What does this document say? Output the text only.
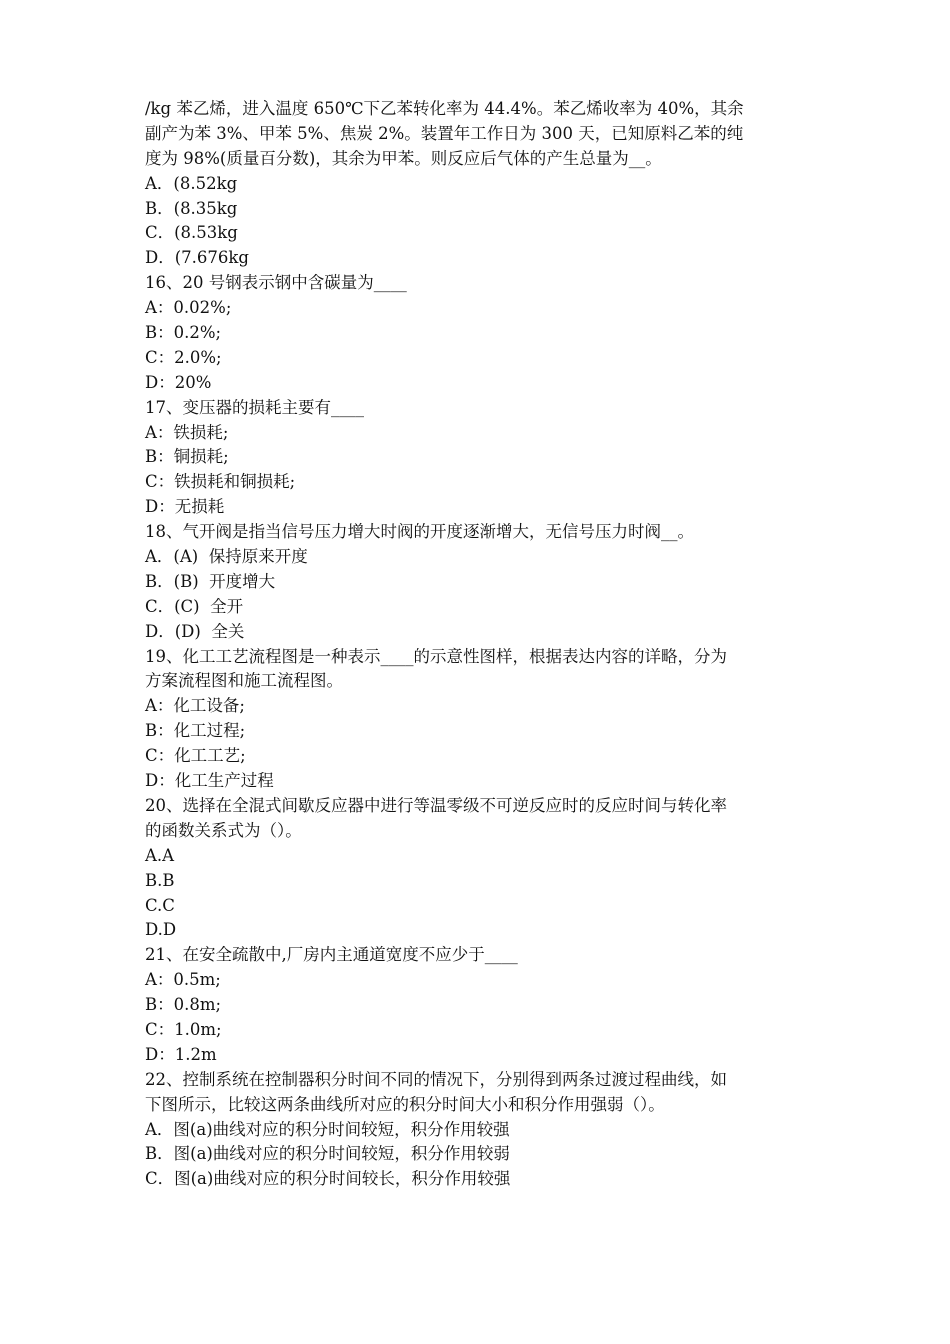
/kg 苯乙烯，进入温度 650℃下乙苯转化率为 44.4%。苯乙烯收率为 40%，其余
副产为苯 3%、甲苯 5%、焦炭 2%。装置年工作日为 300 天，已知原料乙苯的纯
度为 98%(质量百分数)，其余为甲苯。则反应后气体的产生总量为__。
A．(8.52kg
B．(8.35kg
C．(8.53kg
D．(7.676kg
16、20 号钢表示钢中含碳量为____
A：0.02%;
B：0.2%;
C：2.0%;
D：20%
17、变压器的损耗主要有____
A：铁损耗;
B：铜损耗;
C：铁损耗和铜损耗;
D：无损耗
18、气开阀是指当信号压力增大时阀的开度逐渐增大，无信号压力时阀__。
A．(A)  保持原来开度
B．(B)  开度增大
C．(C)  全开
D．(D)  全关
19、化工工艺流程图是一种表示____的示意性图样，根据表达内容的详略，分为
方案流程图和施工流程图。
A：化工设备;
B：化工过程;
C：化工工艺;
D：化工生产过程
20、选择在全混式间歇反应器中进行等温零级不可逆反应时的反应时间与转化率
的函数关系式为（）。
A.A
B.B
C.C
D.D
21、在安全疏散中,厂房内主通道宽度不应少于____
A：0.5m;
B：0.8m;
C：1.0m;
D：1.2m
22、控制系统在控制器积分时间不同的情况下，分别得到两条过渡过程曲线，如
下图所示，比较这两条曲线所对应的积分时间大小和积分作用强弱（）。
A．图(a)曲线对应的积分时间较短，积分作用较强
B．图(a)曲线对应的积分时间较短，积分作用较弱
C．图(a)曲线对应的积分时间较长，积分作用较强
